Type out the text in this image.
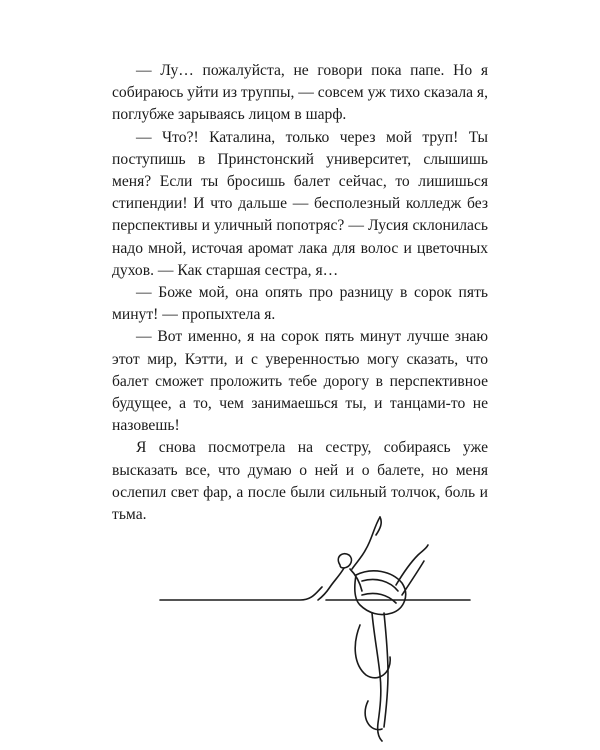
— Лу… пожалуйста, не говори пока папе. Но я собираюсь уйти из труппы, — совсем уж тихо сказала я, поглубже зарываясь лицом в шарф.

— Что?! Каталина, только через мой труп! Ты поступишь в Принстонский университет, слышишь меня? Если ты бросишь балет сейчас, то лишишься стипендии! И что дальше — бесполезный колледж без перспективы и уличный попотряс? — Лусия склонилась надо мной, источая аромат лака для волос и цветочных духов. — Как старшая сестра, я…

— Боже мой, она опять про разницу в сорок пять минут! — пропыхтела я.

— Вот именно, я на сорок пять минут лучше знаю этот мир, Кэтти, и с уверенностью могу сказать, что балет сможет проложить тебе дорогу в перспективное будущее, а то, чем занимаешься ты, и танцами-то не назовешь!

Я снова посмотрела на сестру, собираясь уже высказать все, что думаю о ней и о балете, но меня ослепил свет фар, а после были сильный толчок, боль и тьма.
